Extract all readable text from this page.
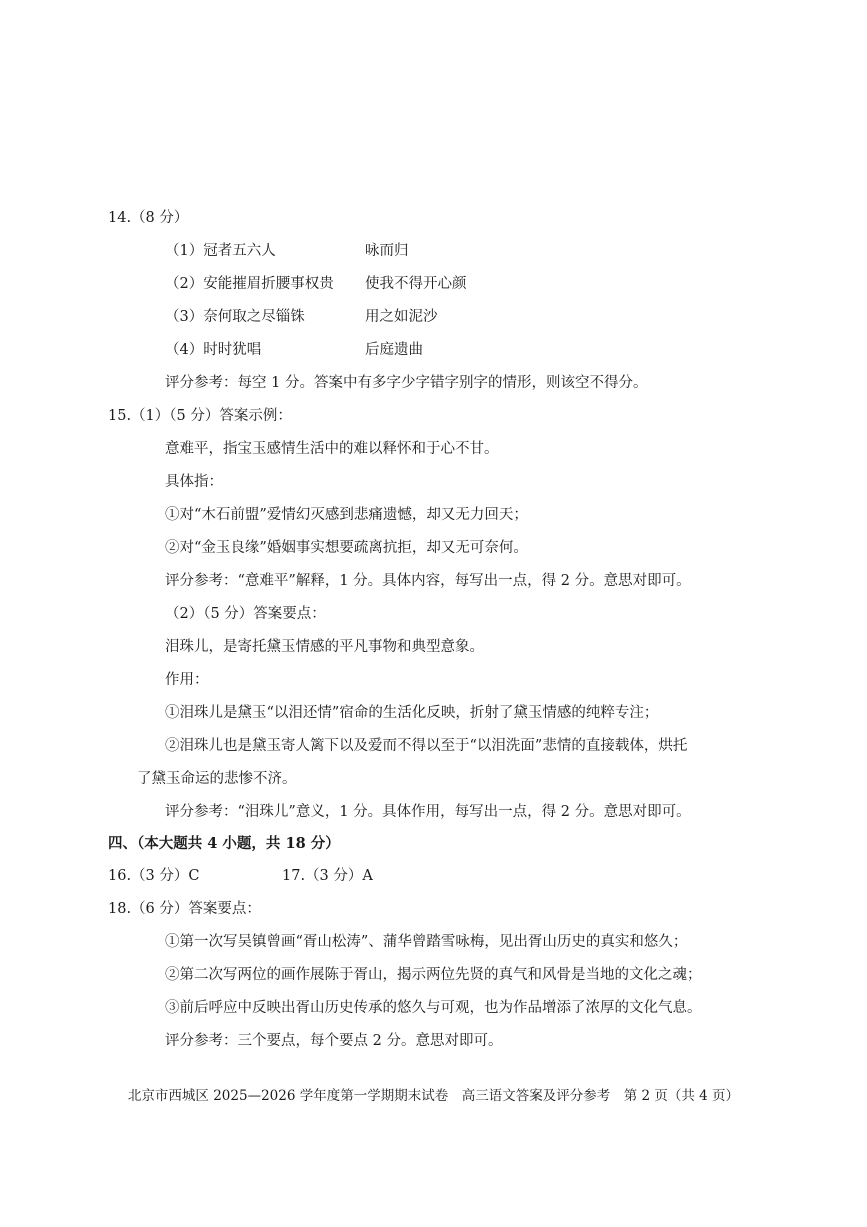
14.（8 分）
（1）冠者五六人	咏而归
（2）安能摧眉折腰事权贵 使我不得开心颜
（3）奈何取之尽锱铢	用之如泥沙
（4）时时犹唱	后庭遗曲
评分参考：每空 1 分。答案中有多字少字错字别字的情形，则该空不得分。
15.（1）（5 分）答案示例：
意难平，指宝玉感情生活中的难以释怀和于心不甘。
具体指：
①对“木石前盟”爱情幻灭感到悲痛遗憾，却又无力回天；
②对“金玉良缘”婚姻事实想要疏离抗拒，却又无可奈何。
评分参考：“意难平”解释，1 分。具体内容，每写出一点，得 2 分。意思对即可。
（2）（5 分）答案要点：
泪珠儿，是寄托黛玉情感的平凡事物和典型意象。
作用：
①泪珠儿是黛玉“以泪还情”宿命的生活化反映，折射了黛玉情感的纯粹专注；
②泪珠儿也是黛玉寄人篱下以及爱而不得以至于“以泪洗面”悲情的直接载体，烘托
了黛玉命运的悲惨不济。
评分参考：“泪珠儿”意义，1 分。具体作用，每写出一点，得 2 分。意思对即可。
四、（本大题共 4 小题，共 18 分）
16.（3 分）C	17.（3 分）A
18.（6 分）答案要点：
①第一次写吴镇曾画“胥山松涛”、蒲华曾踏雪咏梅，见出胥山历史的真实和悠久；
②第二次写两位的画作展陈于胥山，揭示两位先贤的真气和风骨是当地的文化之魂；
③前后呼应中反映出胥山历史传承的悠久与可观，也为作品增添了浓厚的文化气息。
评分参考：三个要点，每个要点 2 分。意思对即可。
北京市西城区 2025—2026 学年度第一学期期末试卷　高三语文答案及评分参考　第 2 页（共 4 页）
